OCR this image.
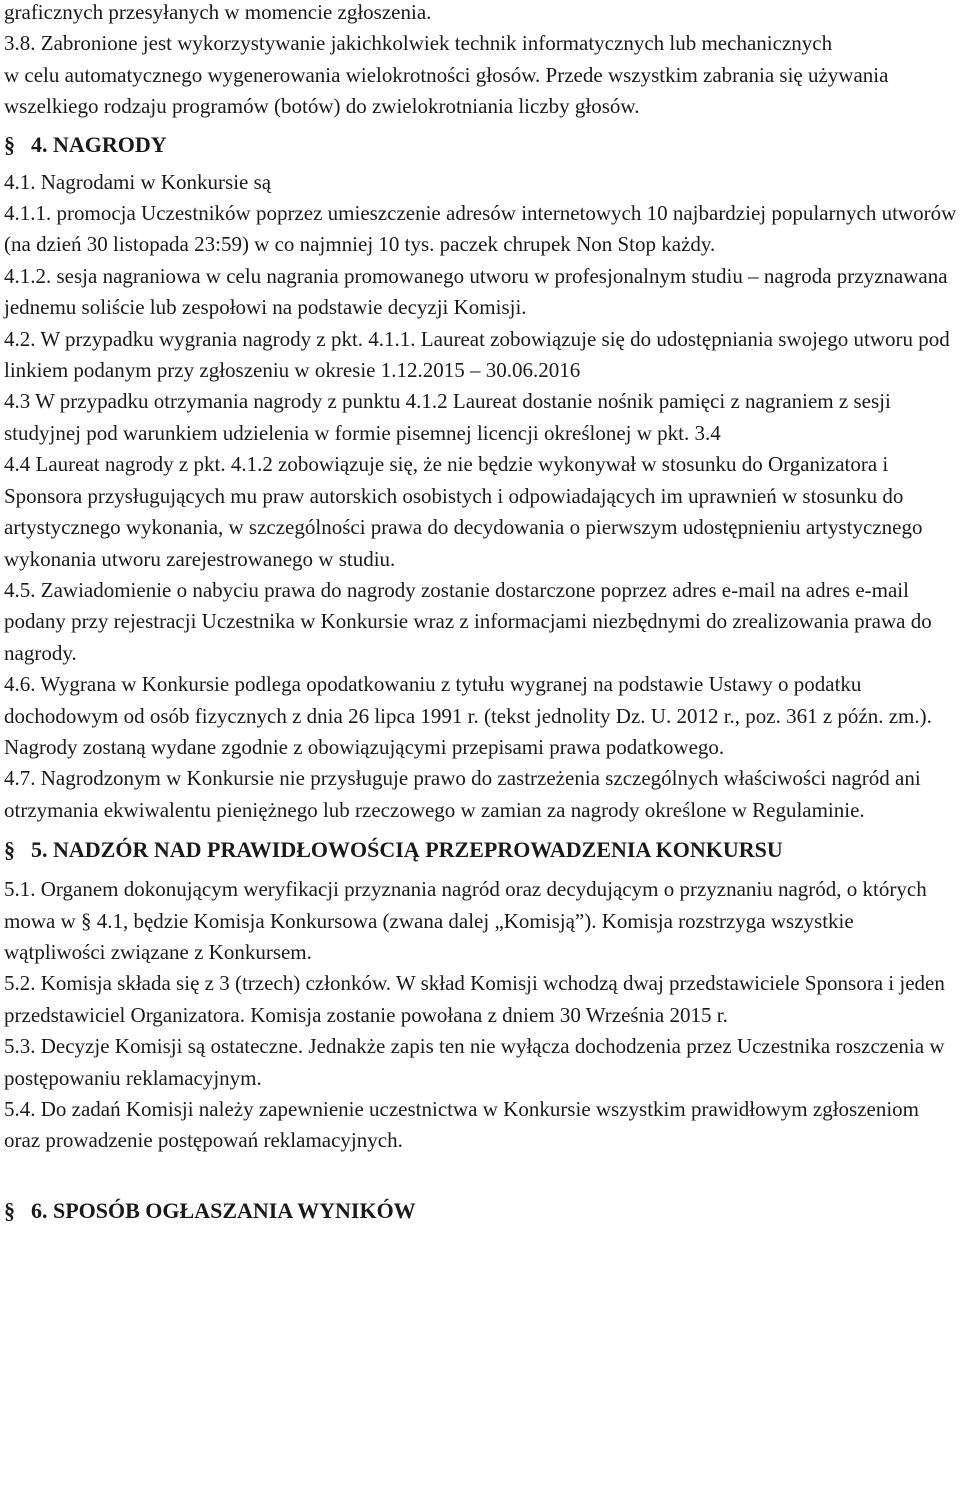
graficznych przesyłanych w momencie zgłoszenia.

3.8. Zabronione jest wykorzystywanie jakichkolwiek technik informatycznych lub mechanicznych

w celu automatycznego wygenerowania wielokrotności głosów. Przede wszystkim zabrania się używania wszelkiego rodzaju programów (botów) do zwielokrotniania liczby głosów.

§ 4. NAGRODY

4.1. Nagrodami w Konkursie są

4.1.1. promocja Uczestników poprzez umieszczenie adresów internetowych 10 najbardziej popularnych utworów (na dzień 30 listopada 23:59) w co najmniej 10 tys. paczek chrupek Non Stop każdy.

4.1.2. sesja nagraniowa w celu nagrania promowanego utworu w profesjonalnym studiu – nagroda przyznawana jednemu soliście lub zespołowi na podstawie decyzji Komisji.

4.2. W przypadku wygrania nagrody z pkt. 4.1.1. Laureat zobowiązuje się do udostępniania swojego utworu pod linkiem podanym przy zgłoszeniu w okresie 1.12.2015 – 30.06.2016

4.3 W przypadku otrzymania nagrody z punktu 4.1.2 Laureat dostanie nośnik pamięci z nagraniem z sesji studyjnej pod warunkiem udzielenia w formie pisemnej licencji określonej w pkt. 3.4

4.4 Laureat nagrody z pkt. 4.1.2 zobowiązuje się, że nie będzie wykonywał w stosunku do Organizatora i Sponsora przysługujących mu praw autorskich osobistych i odpowiadających im uprawnień w stosunku do artystycznego wykonania, w szczególności prawa do decydowania o pierwszym udostępnieniu artystycznego wykonania utworu zarejestrowanego w studiu.

4.5. Zawiadomienie o nabyciu prawa do nagrody zostanie dostarczone poprzez adres e-mail na adres e-mail podany przy rejestracji Uczestnika w Konkursie wraz z informacjami niezbędnymi do zrealizowania prawa do nagrody.

4.6. Wygrana w Konkursie podlega opodatkowaniu z tytułu wygranej na podstawie Ustawy o podatku dochodowym od osób fizycznych z dnia 26 lipca 1991 r. (tekst jednolity Dz. U. 2012 r., poz. 361 z późn. zm.). Nagrody zostaną wydane zgodnie z obowiązującymi przepisami prawa podatkowego.

4.7. Nagrodzonym w Konkursie nie przysługuje prawo do zastrzeżenia szczególnych właściwości nagród ani otrzymania ekwiwalentu pieniężnego lub rzeczowego w zamian za nagrody określone w Regulaminie.

§ 5. NADZÓR NAD PRAWIDŁOWOŚCIĄ PRZEPROWADZENIA KONKURSU

5.1. Organem dokonującym weryfikacji przyznania nagród oraz decydującym o przyznaniu nagród, o których mowa w § 4.1, będzie Komisja Konkursowa (zwana dalej „Komisją”). Komisja rozstrzyga wszystkie wątpliwości związane z Konkursem.

5.2. Komisja składa się z 3 (trzech) członków. W skład Komisji wchodzą dwaj przedstawiciele Sponsora i jeden przedstawiciel Organizatora. Komisja zostanie powołana z dniem 30 Września 2015 r.

5.3. Decyzje Komisji są ostateczne. Jednakże zapis ten nie wyłącza dochodzenia przez Uczestnika roszczenia w postępowaniu reklamacyjnym.

5.4. Do zadań Komisji należy zapewnienie uczestnictwa w Konkursie wszystkim prawidłowym zgłoszeniom oraz prowadzenie postępowań reklamacyjnych.

§ 6. SPOSÓB OGŁASZANIA WYNIKÓW
